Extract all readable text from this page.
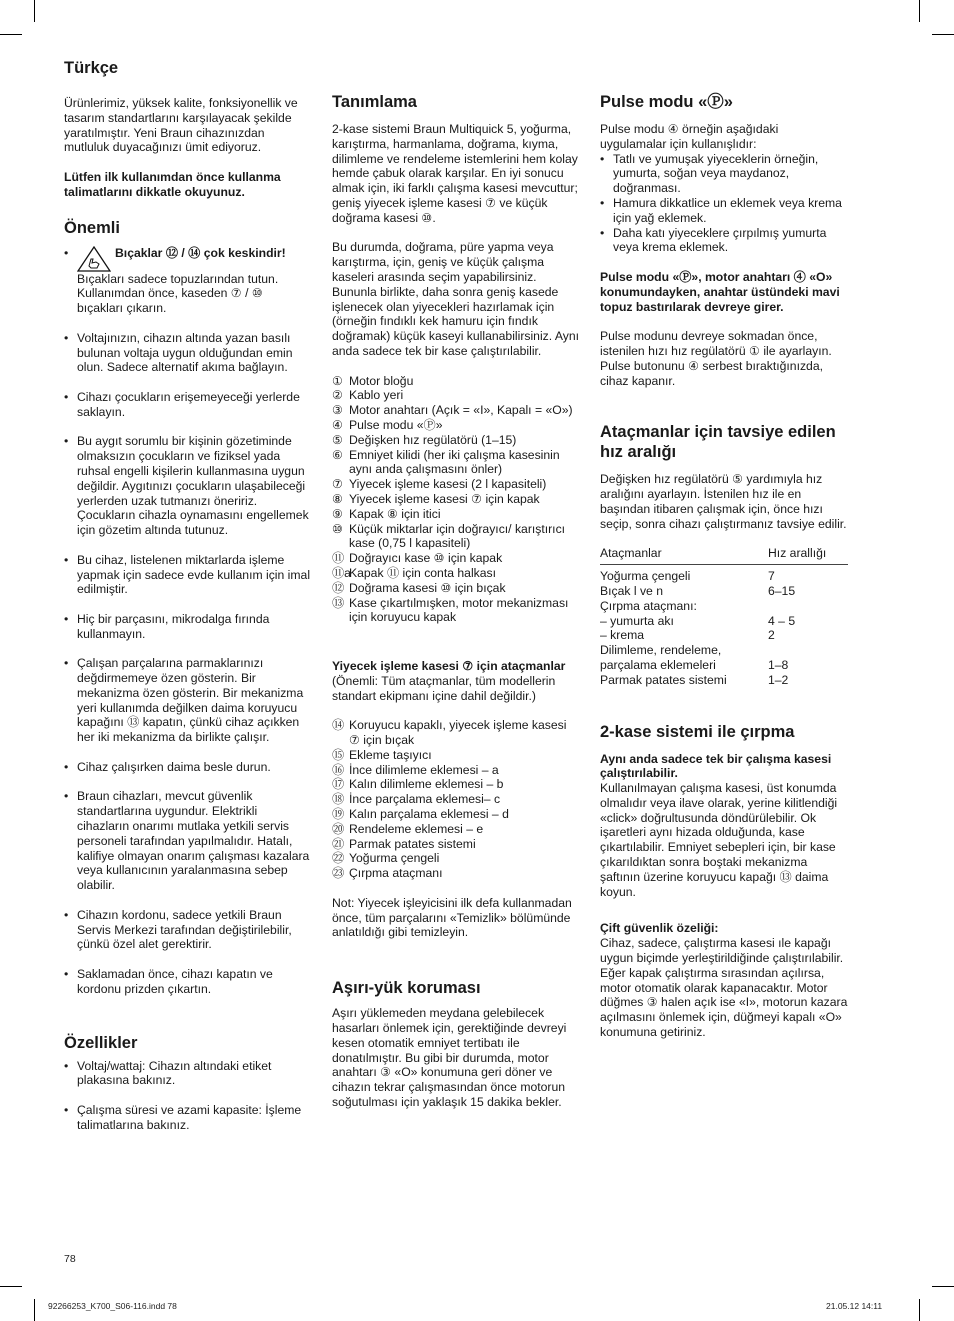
Türkçe

Ürünlerimiz, yüksek kalite, fonksiyonellik ve tasarım standartlarını karşılayacak şekilde yaratılmıştır. Yeni Braun cihazınızdan mutluluk duyacağınızı ümit ediyoruz.

Lütfen ilk kullanımdan önce kullanma talimatlarını dikkatle okuyunuz.

Önemli

• Bıçaklar ⑫ / ⑭ çok keskindir!

Bıçakları sadece topuzlarından tutun. Kullanımdan önce, kaseden ⑦ / ⑩ bıçakları çıkarın.

• Voltajınızın, cihazın altında yazan basılı bulunan voltaja uygun olduğundan emin olun. Sadece alternatif akıma bağlayın.
• Cihazı çocukların erişemeyeceği yerlerde saklayın.
• Bu aygıt sorumlu bir kişinin gözetiminde olmaksızın çocukların ve fiziksel yada ruhsal engelli kişilerin kullanmasına uygun değildir. Aygıtınızı çocukların ulaşabileceği yerlerden uzak tutmanızı öneririz. Çocukların cihazla oynamasını engellemek için gözetim altında tutunuz.
• Bu cihaz, listelenen miktarlarda işleme yapmak için sadece evde kullanım için imal edilmiştir.
• Hiç bir parçasını, mikrodalga fırında kullanmayın.
• Çalışan parçalarına parmaklarınızı değdirmemeye özen gösterin. Bir mekanizma özen gösterin. Bir mekanizma yeri kullanımda değilken daima koruyucu kapağını ⑬ kapatın, çünkü cihaz açıkken her iki mekanizma da birlikte çalışır.
• Cihaz çalışırken daima besle durun.
• Braun cihazları, mevcut güvenlik standartlarına uygundur. Elektrikli cihazların onarımı mutlaka yetkili servis personeli tarafından yapılmalıdır. Hatalı, kalifiye olmayan onarım çalışması kazalara veya kullanıcının yaralanmasına sebep olabilir.
• Cihazın kordonu, sadece yetkili Braun Servis Merkezi tarafından değiştirilebilir, çünkü özel alet gerektirir.
• Saklamadan önce, cihazı kapatın ve kordonu prizden çıkartın.

Özellikler

• Voltaj/wattaj: Cihazın altındaki etiket plakasına bakınız.
• Çalışma süresi ve azami kapasite: İşleme talimatlarına bakınız.

Tanımlama

2-kase sistemi Braun Multiquick 5, yoğurma, karıştırma, harmanlama, doğrama, kıyma, dilimleme ve rendeleme istemlerini hem kolay hemde çabuk olarak karşılar. En iyi sonucu almak için, iki farklı çalışma kasesi mevcuttur; geniş yiyecek işleme kasesi ⑦ ve küçük doğrama kasesi ⑩.

Bu durumda, doğrama, püre yapma veya karıştırma, için, geniş ve küçük çalışma kaseleri arasında seçim yapabilirsiniz. Bununla birlikte, daha sonra geniş kasede işlenecek olan yiyecekleri hazırlamak için (örneğin fındıklı kek hamuru için fındık doğramak) küçük kaseyi kullanabilirsiniz. Aynı anda sadece tek bir kase çalıştırılabilir.

① Motor bloğu
② Kablo yeri
③ Motor anahtarı (Açık = «I», Kapalı = «O»)
④ Pulse modu «Ⓟ»
⑤ Değişken hız regülatörü (1–15)
⑥ Emniyet kilidi (her iki çalışma kasesinin aynı anda çalışmasını önler)
⑦ Yiyecek işleme kasesi (2 l kapasiteli)
⑧ Yiyecek işleme kasesi ⑦ için kapak
⑨ Kapak ⑧ için itici
⑩ Küçük miktarlar için doğrayıcı/ karıştırıcı kase (0,75 l kapasiteli)
⑪ Doğrayıcı kase ⑩ için kapak
⑪a
Kapak ⑪ için conta halkası
⑫ Doğrama kasesi ⑩ için bıçak
⑬ Kase çıkartılmışken, motor mekanizması için koruyucu kapak

Yiyecek işleme kasesi ⑦ için ataçmanlar

(Önemli: Tüm ataçmanlar, tüm modellerin standart ekipmanı içine dahil değildir.)

⑭ Koruyucu kapaklı, yiyecek işleme kasesi ⑦ için bıçak
⑮ Ekleme taşıyıcı
⑯ İnce dilimleme eklemesi – a
⑰ Kalın dilimleme eklemesi – b
⑱ İnce parçalama eklemesi– c
⑲ Kalın parçalama eklemesi – d
⑳ Rendeleme eklemesi – e
㉑ Parmak patates sistemi
㉒ Yoğurma çengeli
㉓ Çırpma ataçmanı

Not: Yiyecek işleyicisini ilk defa kullanmadan önce, tüm parçalarını «Temizlik» bölümünde anlatıldığı gibi temizleyin.

Aşırı-yük koruması

Aşırı yüklemeden meydana gelebilecek hasarları önlemek için, gerektiğinde devreyi kesen otomatik emniyet tertibatı ile donatılmıştır. Bu gibi bir durumda, motor anahtarı ③ «O» konumuna geri döner ve cihazın tekrar çalışmasından önce motorun soğutulması için yaklaşık 15 dakika bekler.

Pulse modu «Ⓟ»

Pulse modu ④ örneğin aşağıdaki uygulamalar için kullanışlıdır:

• Tatlı ve yumuşak yiyeceklerin örneğin, yumurta, soğan veya maydanoz, doğranması.
• Hamura dikkatlice un eklemek veya krema için yağ eklemek.
• Daha katı yiyeceklere çırpılmış yumurta veya krema eklemek.

Pulse modu «Ⓟ», motor anahtarı ④ «O» konumundayken, anahtar üstündeki mavi topuz bastırılarak devreye girer.

Pulse modunu devreye sokmadan önce, istenilen hızı hız regülatörü ① ile ayarlayın. Pulse butonunu ④ serbest bıraktığınızda, cihaz kapanır.

Ataçmanlar için tavsiye edilen hız aralığı

Değişken hız regülatörü ⑤ yardımıyla hız aralığını ayarlayın. İstenilen hız ile en başından itibaren çalışmak için, önce hızı seçip, sonra cihazı çalıştırmanız tavsiye edilir.

Ataçmanlar	Hız arallığı
Yoğurma çengeli	7
Bıçak l ve n	6–15
Çırpma ataçmanı:	
– yumurta akı	4 – 5
– krema	2
Dilimleme, rendeleme,	
parçalama eklemeleri	1–8
Parmak patates sistemi	1–2

2-kase sistemi ile çırpma

Aynı anda sadece tek bir çalışma kasesi çalıştırılabilir.

Kullanılmayan çalışma kasesi, üst konumda olmalıdır veya ilave olarak, yerine kilitlendiği «click» doğrultusunda döndürülebilir. Ok işaretleri aynı hizada olduğunda, kase çıkartılabilir. Emniyet sebepleri için, bir kase çıkarıldıktan sonra boştaki mekanizma şaftının üzerine koruyucu kapağı ⑬ daima koyun.

Çift güvenlik özeliği:

Cihaz, sadece, çalıştırma kasesi ıle kapağı uygun biçimde yerleştirildiğinde çalıştırılabilir. Eğer kapak çalıştırma sırasından açılırsa, motor otomatik olarak kapanacaktır. Motor düğmes ③ halen açık ise «I», motorun kazara açılmasını önlemek için, düğmeyi kapalı «O» konumuna getiriniz.

78
92266253_K700_S06-116.indd 78	21.05.12 14:11
